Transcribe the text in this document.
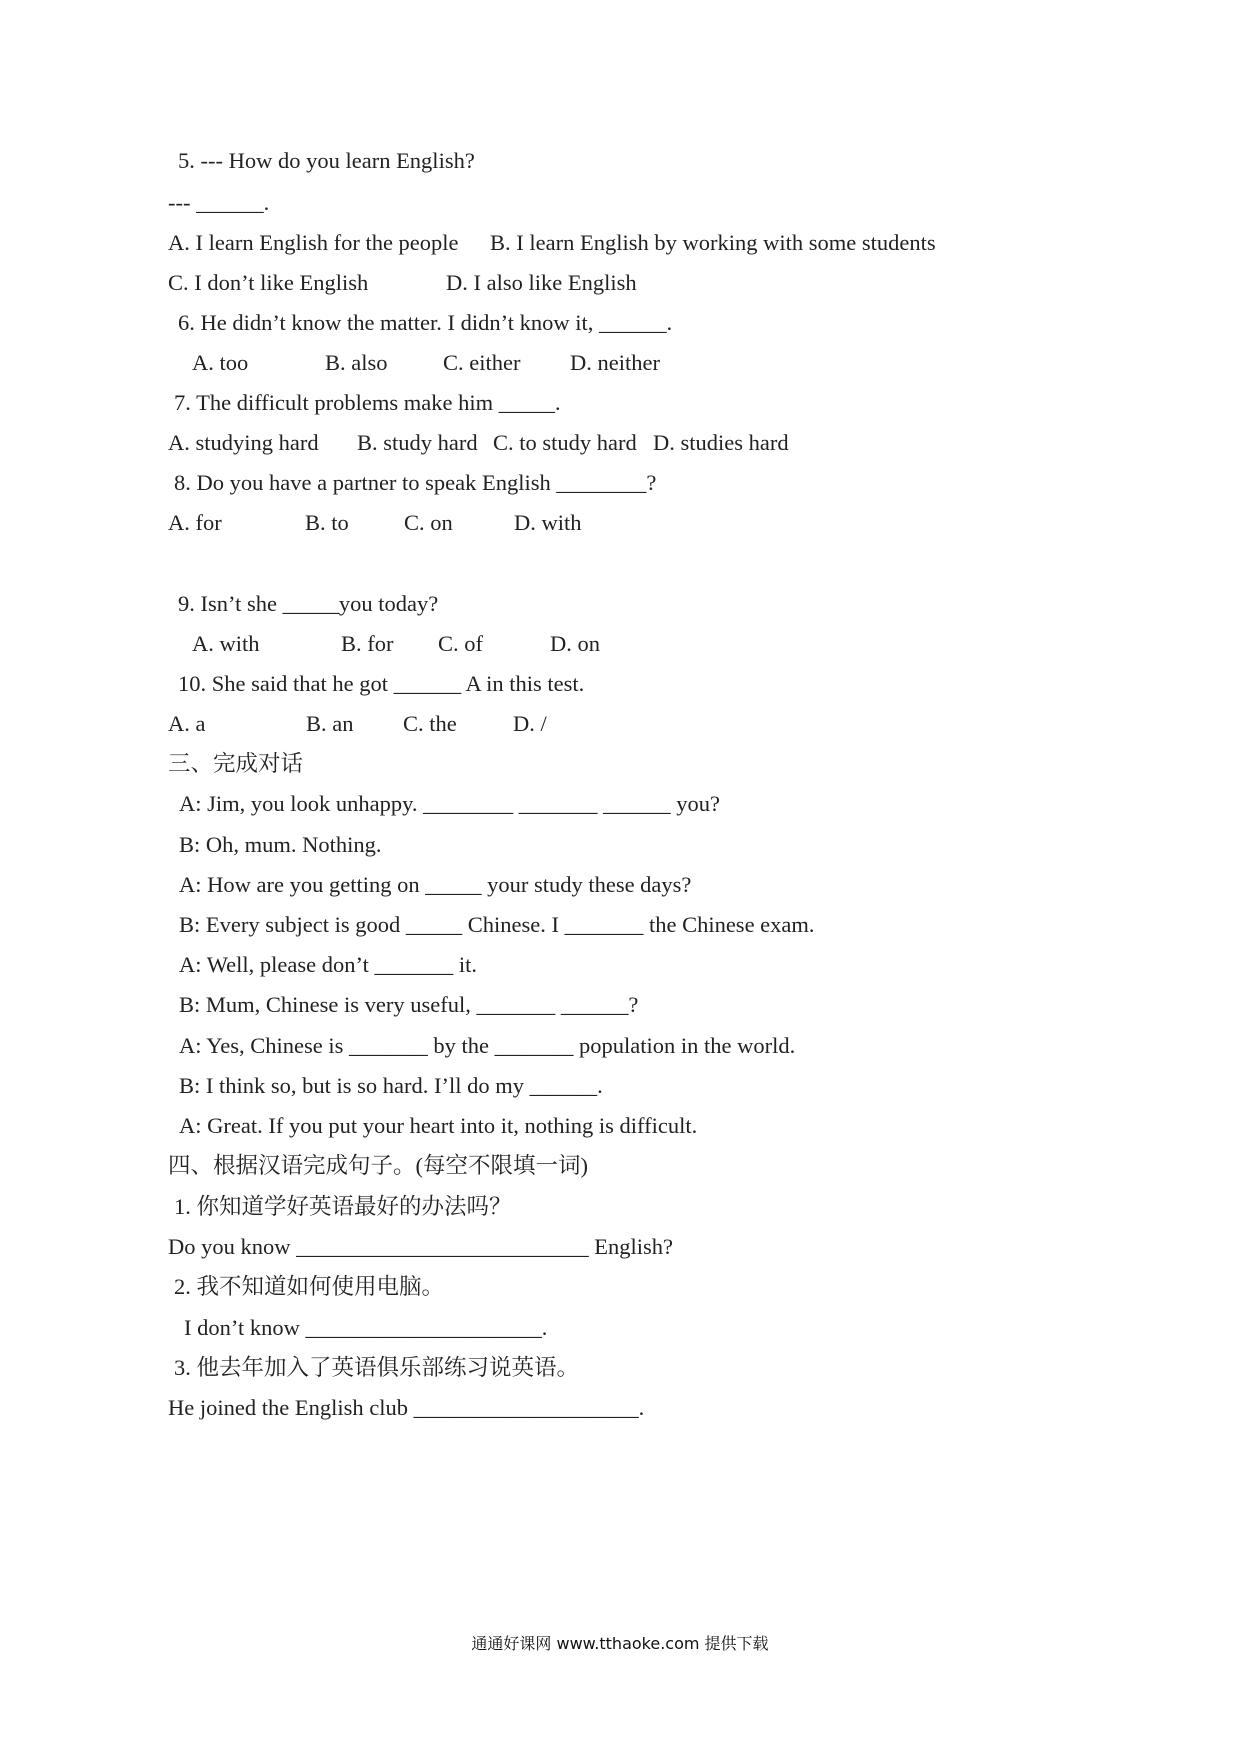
5. --- How do you learn English?
--- ______.
A. I learn English for the people B. I learn English by working with some students
C. I don’t like English	D. I also like English
6. He didn’t know the matter. I didn’t know it, ______.
A. too	B. also C. either D. neither
7. The difficult problems make him _____.
A. studying hard B. study hard C. to study hard D. studies hard
8. Do you have a partner to speak English ________?
A. for	B. to C. on	D. with
9. Isn’t she _____you today?
A. with	B. for C. of	D. on
10. She said that he got ______ A in this test.
A. a	B. an C. the	D. /
三、完成对话
A: Jim, you look unhappy. ________ _______ ______ you?
B: Oh, mum. Nothing.
A: How are you getting on _____ your study these days?
B: Every subject is good _____ Chinese. I _______ the Chinese exam.
A: Well, please don’t _______ it.
B: Mum, Chinese is very useful, _______ ______?
A: Yes, Chinese is _______ by the _______ population in the world.
B: I think so, but is so hard. I’ll do my ______.
A: Great. If you put your heart into it, nothing is difficult.
四、根据汉语完成句子。(每空不限填一词)
1. 你知道学好英语最好的办法吗？
Do you know __________________________ English?
2. 我不知道如何使用电脑。
I don’t know _____________________.
3. 他去年加入了英语俱乐部练习说英语。
He joined the English club ____________________.
通通好课网 www.tthaoke.com 提供下载
